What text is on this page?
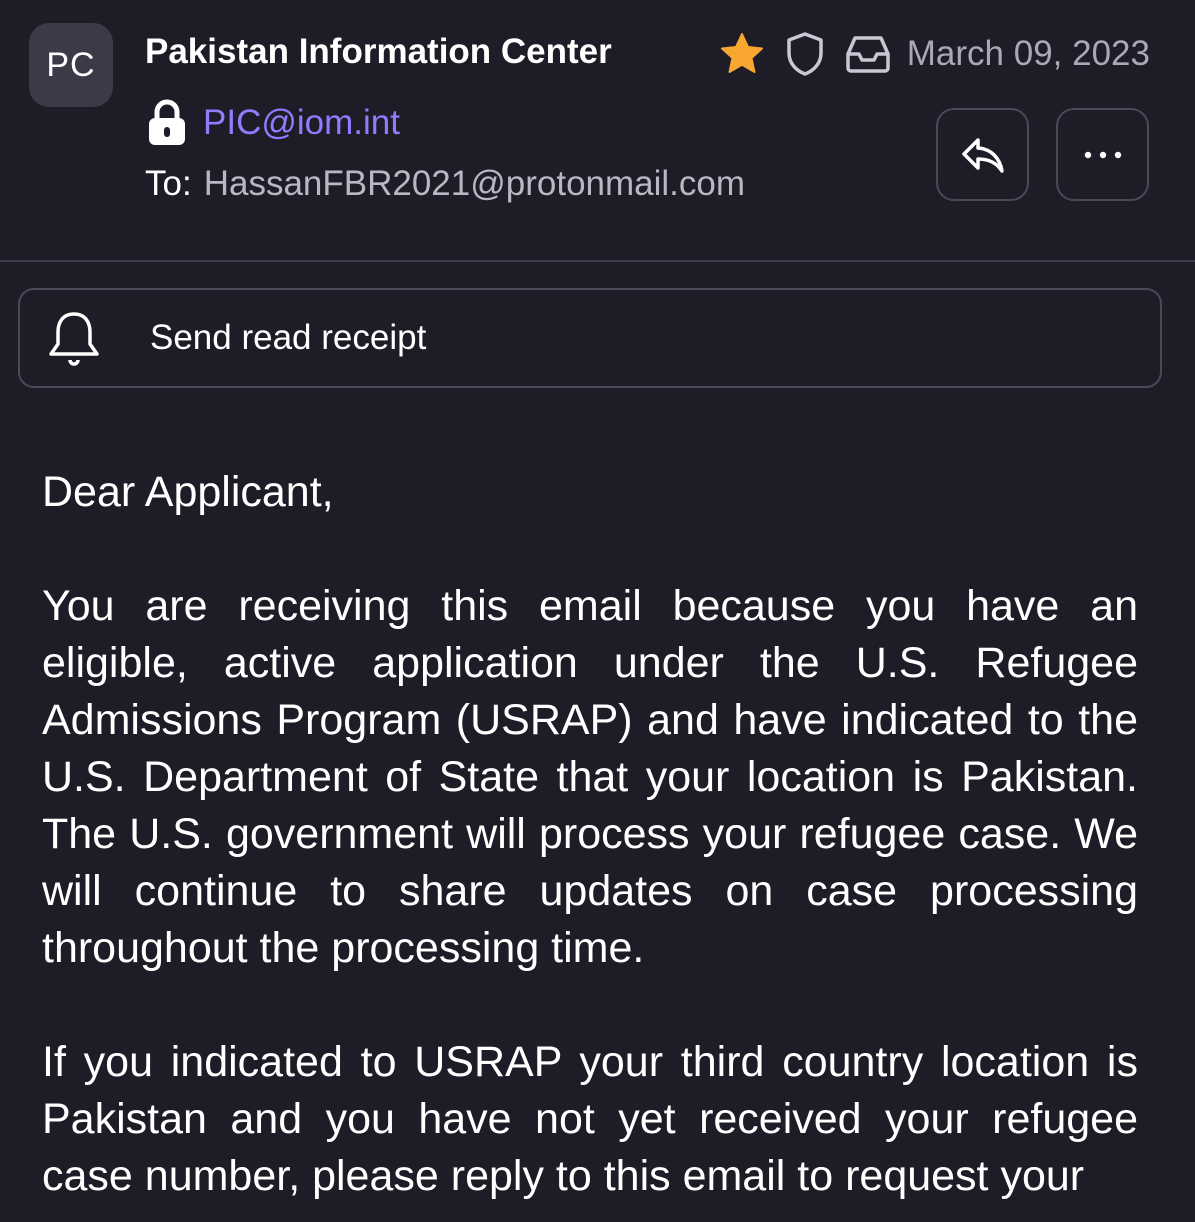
PC	Pakistan Information Center
PIC@iom.int
To: HassanFBR2021@protonmail.com
March 09, 2023
Send read receipt

Dear Applicant,

You are receiving this email because you have an eligible, active application under the U.S. Refugee Admissions Program (USRAP) and have indicated to the U.S. Department of State that your location is Pakistan. The U.S. government will process your refugee case. We will continue to share updates on case processing throughout the processing time.

If you indicated to USRAP your third country location is Pakistan and you have not yet received your refugee case number, please reply to this email to request your
